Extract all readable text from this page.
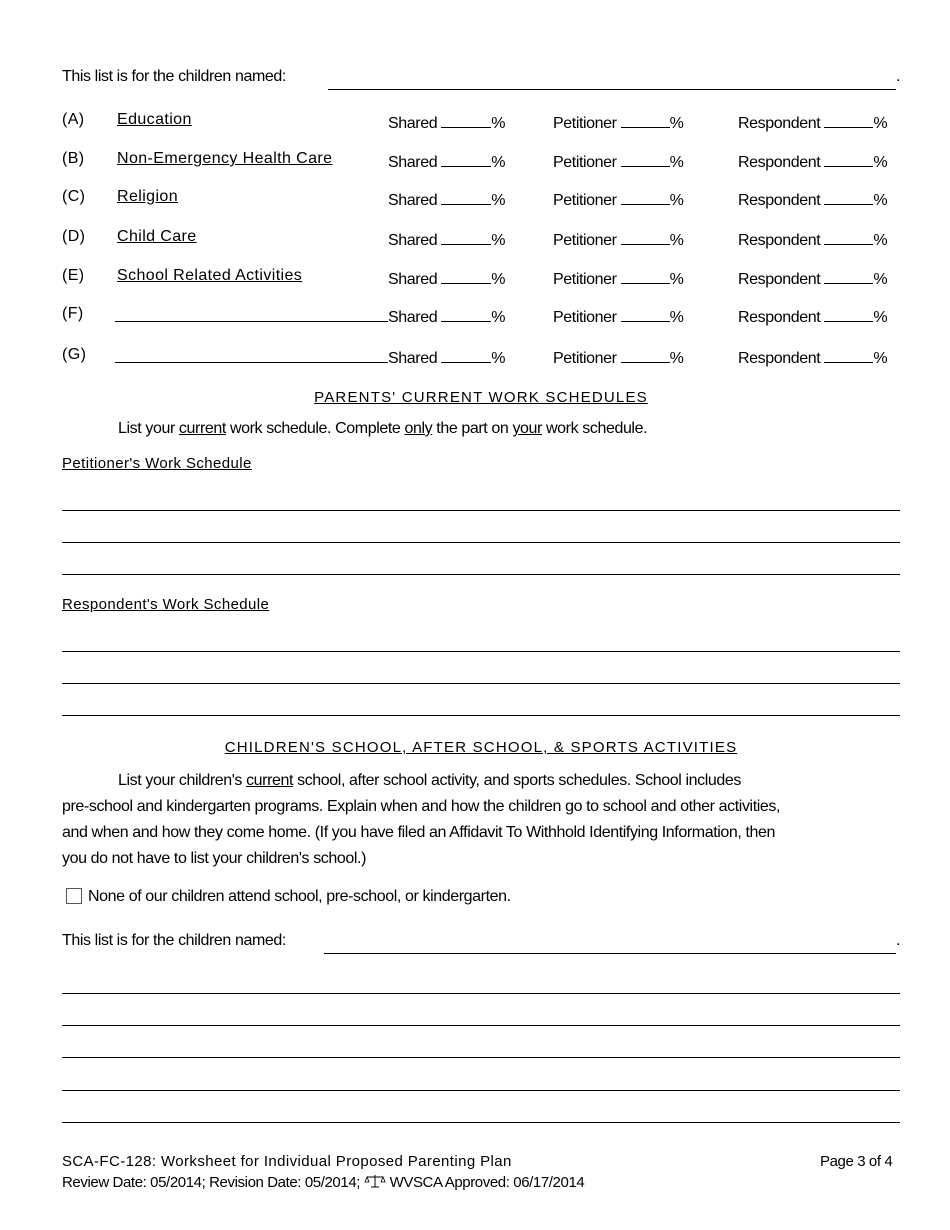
This list is for the children named:	.
(A) Education	Shared	%	Petitioner	%	Respondent	%
(B) Non-Emergency Health Care	Shared	%	Petitioner	%	Respondent	%
(C) Religion	Shared	%	Petitioner	%	Respondent	%
(D) Child Care	Shared	%	Petitioner	%	Respondent	%
(E) School Related Activities	Shared	%	Petitioner	%	Respondent	%
(F)	Shared	%	Petitioner	%	Respondent	%
(G)	Shared	%	Petitioner	%	Respondent	%
PARENTS' CURRENT WORK SCHEDULES
List your current work schedule. Complete only the part on your work schedule.
Petitioner's Work Schedule
Respondent's Work Schedule
CHILDREN'S SCHOOL, AFTER SCHOOL, & SPORTS ACTIVITIES

List your children's current school, after school activity, and sports schedules. School includes

pre-school and kindergarten programs. Explain when and how the children go to school and other activities,

and when and how they come home. (If you have filed an Affidavit To Withhold Identifying Information, then

you do not have to list your children's school.)

None of our children attend school, pre-school, or kindergarten.
This list is for the children named:	.
SCA-FC-128: Worksheet for Individual Proposed Parenting Plan
Review Date: 05/2014; Revision Date: 05/2014; WVSCA Approved: 06/17/2014
Page 3 of 4
